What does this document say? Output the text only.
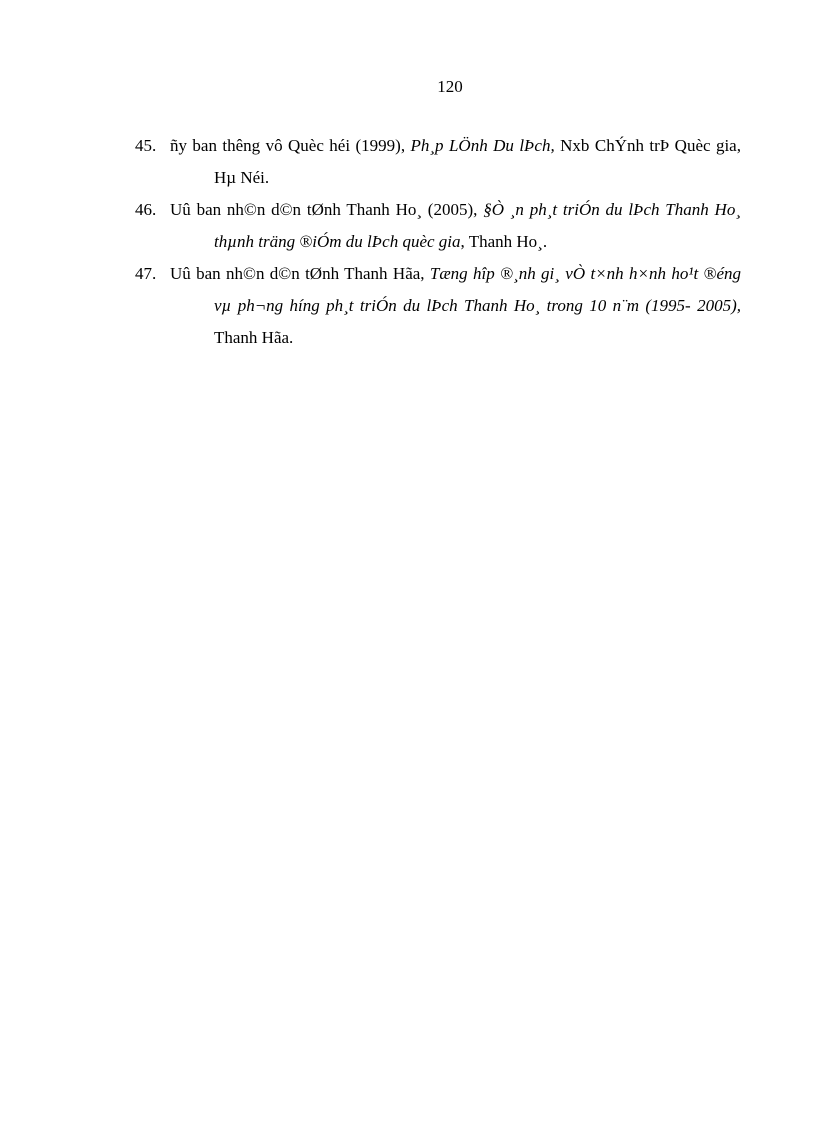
120
45. ñy ban thêng vô Quèc héi (1999), Ph¸p LÖnh Du lÞch, Nxb ChÝnh trÞ Quèc gia, Hµ Néi.
46. Uû ban nh©n d©n tØnh Thanh Ho¸ (2005), §Ò ¸n ph¸t triÓn du lÞch Thanh Ho¸ thµnh träng ®iÓm du lÞch quèc gia, Thanh Ho¸.
47. Uû ban nh©n d©n tØnh Thanh Hãa, Tæng hîp ®¸nh gi¸ vÒ t×nh h×nh ho¹t ®éng vµ ph¬ng híng ph¸t triÓn du lÞch Thanh Ho¸ trong 10 n¨m (1995- 2005), Thanh Hãa.
